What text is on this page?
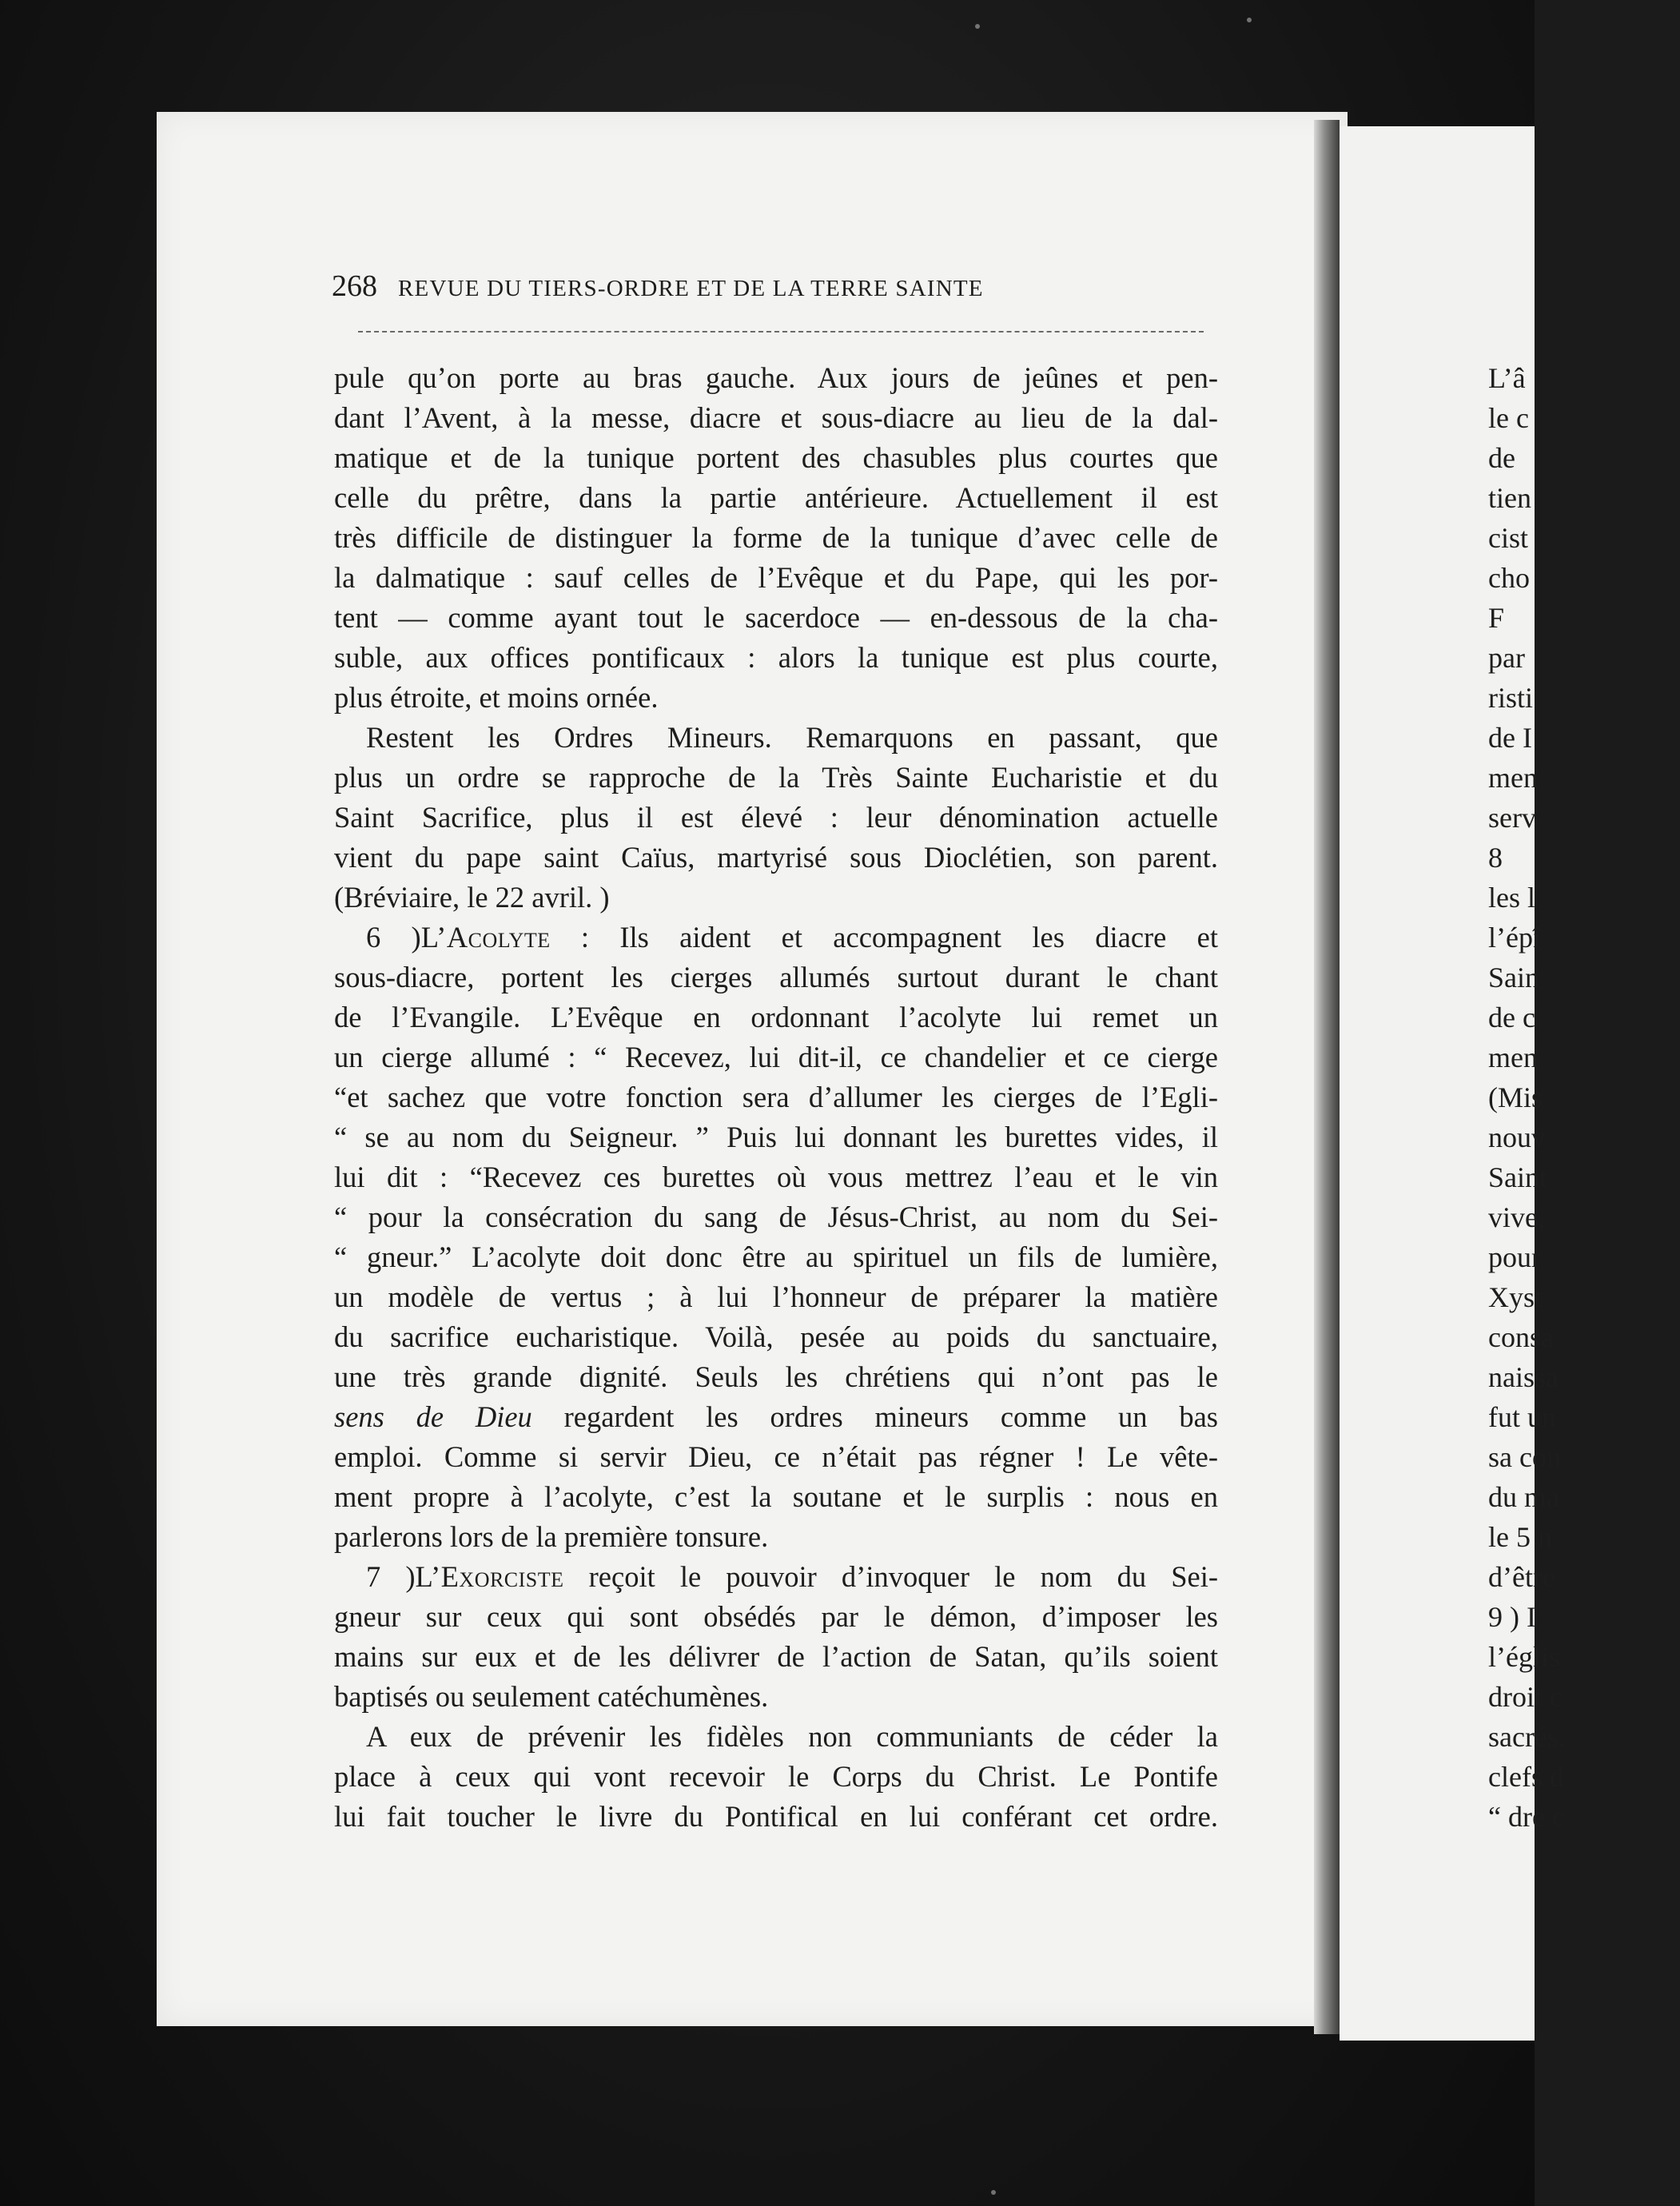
268 REVUE DU TIERS-ORDRE ET DE LA TERRE SAINTE
pule qu’on porte au bras gauche. Aux jours de jeûnes et pen-
dant l’Avent, à la messe, diacre et sous-diacre au lieu de la dal-
matique et de la tunique portent des chasubles plus courtes que
celle du prêtre, dans la partie antérieure. Actuellement il est
très difficile de distinguer la forme de la tunique d’avec celle de
la dalmatique : sauf celles de l’Evêque et du Pape, qui les por-
tent — comme ayant tout le sacerdoce — en-dessous de la cha-
suble, aux offices pontificaux : alors la tunique est plus courte,
plus étroite, et moins ornée.
Restent les Ordres Mineurs. Remarquons en passant, que
plus un ordre se rapproche de la Très Sainte Eucharistie et du
Saint Sacrifice, plus il est élevé : leur dénomination actuelle
vient du pape saint Caïus, martyrisé sous Dioclétien, son parent.
(Bréviaire, le 22 avril. )
6 )L’Acolyte : Ils aident et accompagnent les diacre et
sous-diacre, portent les cierges allumés surtout durant le chant
de l’Evangile. L’Evêque en ordonnant l’acolyte lui remet un
un cierge allumé : “ Recevez, lui dit-il, ce chandelier et ce cierge
“et sachez que votre fonction sera d’allumer les cierges de l’Egli-
“ se au nom du Seigneur. ” Puis lui donnant les burettes vides, il
lui dit : “Recevez ces burettes où vous mettrez l’eau et le vin
“ pour la consécration du sang de Jésus-Christ, au nom du Sei-
“ gneur.” L’acolyte doit donc être au spirituel un fils de lumière,
un modèle de vertus ; à lui l’honneur de préparer la matière
du sacrifice eucharistique. Voilà, pesée au poids du sanctuaire,
une très grande dignité. Seuls les chrétiens qui n’ont pas le
sens de Dieu regardent les ordres mineurs comme un bas
emploi. Comme si servir Dieu, ce n’était pas régner ! Le vête-
ment propre à l’acolyte, c’est la soutane et le surplis : nous en
parlerons lors de la première tonsure.
7 )L’Exorciste reçoit le pouvoir d’invoquer le nom du Sei-
gneur sur ceux qui sont obsédés par le démon, d’imposer les
mains sur eux et de les délivrer de l’action de Satan, qu’ils soient
baptisés ou seulement catéchumènes.
A eux de prévenir les fidèles non communiants de céder la
place à ceux qui vont recevoir le Corps du Christ. Le Pontife
lui fait toucher le livre du Pontifical en lui conférant cet ordre.
L’â
le c
de
tien
cist
cho
F
par
risti
de I
men
serv
8
les l
l’épî
Sain
de c
men
(Mis
nouv
Saint
vive,
pour
Xyst
consa
naissa
fut un
sa con
du ma
le 5 n
d’être
9 ) I
l’églis
droit c
sacrés.
clefs d
“ dre c
